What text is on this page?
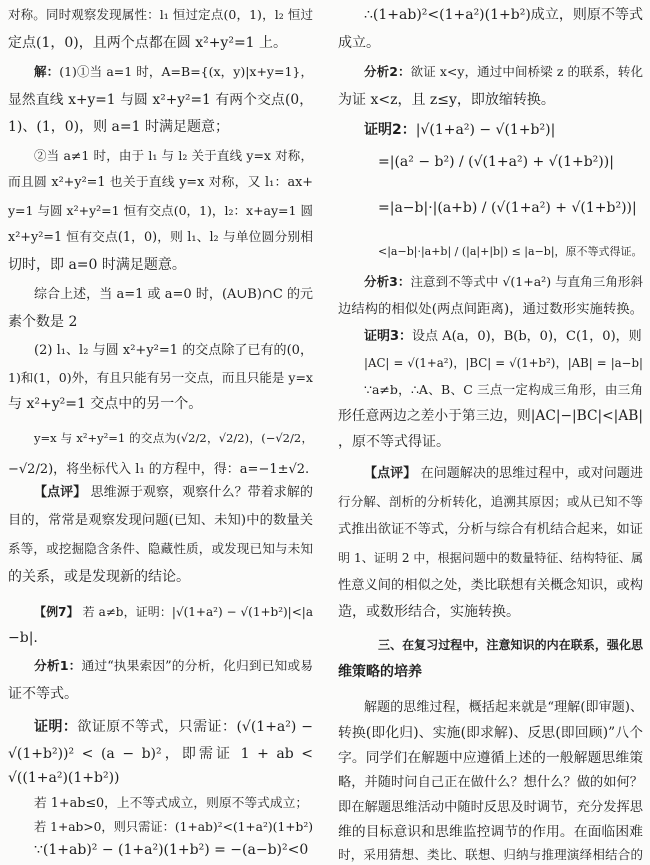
对称。同时观察发现属性：l₁ 恒过定点(0，1)，l₂ 恒过
定点(1，0)，且两个点都在圆 x²+y²=1 上。
解：(1)①当 a=1 时，A=B={(x，y)|x+y=1}，
显然直线 x+y=1 与圆 x²+y²=1 有两个交点(0，
1)、(1，0)，则 a=1 时满足题意；
②当 a≠1 时，由于 l₁ 与 l₂ 关于直线 y=x 对称，
而且圆 x²+y²=1 也关于直线 y=x 对称，又 l₁：ax+
y=1 与圆 x²+y²=1 恒有交点(0，1)，l₂：x+ay=1 圆
x²+y²=1 恒有交点(1，0)，则 l₁、l₂ 与单位圆分别相
切时，即 a=0 时满足题意。
综合上述，当 a=1 或 a=0 时，(A∪B)∩C 的元
素个数是 2
(2) l₁、l₂ 与圆 x²+y²=1 的交点除了已有的(0，
1)和(1，0)外，有且只能有另一交点，而且只能是 y=x
与 x²+y²=1 交点中的另一个。
y=x 与 x²+y²=1 的交点为(√2/2，√2/2)，(−√2/2，
−√2/2)，将坐标代入 l₁ 的方程中，得：a=−1±√2.
【点评】 思维源于观察，观察什么？带着求解的
目的，常常是观察发现问题(已知、未知)中的数量关
系等，或挖掘隐含条件、隐藏性质，或发现已知与未知
的关系，或是发现新的结论。
【例7】 若 a≠b，证明：|√(1+a²) − √(1+b²)|<|a
−b|.
分析1：通过“执果索因”的分析，化归到已知或易
证不等式。
证明：欲证原不等式，只需证：(√(1+a²) −
√(1+b²))² < (a − b)²，即需证 1 + ab <
√((1+a²)(1+b²))
若 1+ab≤0，上不等式成立，则原不等式成立；
若 1+ab>0，则只需证：(1+ab)²<(1+a²)(1+b²)
∵(1+ab)² − (1+a²)(1+b²) = −(a−b)²<0
∴(1+ab)²<(1+a²)(1+b²)成立，则原不等式
成立。
分析2：欲证 x<y，通过中间桥梁 z 的联系，转化
为证 x<z，且 z≤y，即放缩转换。
证明2：|√(1+a²) − √(1+b²)|
=|(a² − b²) / (√(1+a²) + √(1+b²))|
=|a−b|·|(a+b) / (√(1+a²) + √(1+b²))|
<|a−b|·|a+b| / (|a|+|b|) ≤ |a−b|，原不等式得证。
分析3：注意到不等式中 √(1+a²) 与直角三角形斜
边结构的相似处(两点间距离)，通过数形实施转换。
证明3：设点 A(a，0)，B(b，0)，C(1，0)，则
|AC| = √(1+a²)，|BC| = √(1+b²)，|AB| = |a−b|
∵a≠b，∴A、B、C 三点一定构成三角形，由三角
形任意两边之差小于第三边，则|AC|−|BC|<|AB|
，原不等式得证。
【点评】 在问题解决的思维过程中，或对问题进
行分解、剖析的分析转化，追溯其原因；或从已知不等
式推出欲证不等式，分析与综合有机结合起来，如证
明 1、证明 2 中，根据问题中的数量特征、结构特征、属
性意义间的相似之处，类比联想有关概念知识，或构
造，或数形结合，实施转换。
三、在复习过程中，注意知识的内在联系，强化思
维策略的培养
解题的思维过程，概括起来就是“理解(即审题)、
转换(即化归)、实施(即求解)、反思(即回顾)”八个
字。同学们在解题中应遵循上述的一般解题思维策
略，并随时问自己正在做什么？想什么？做的如何？
即在解题思维活动中随时反思及时调节，充分发挥思
维的目标意识和思维监控调节的作用。在面临困难
时，采用猜想、类比、联想、归纳与推理演绎相结合的
